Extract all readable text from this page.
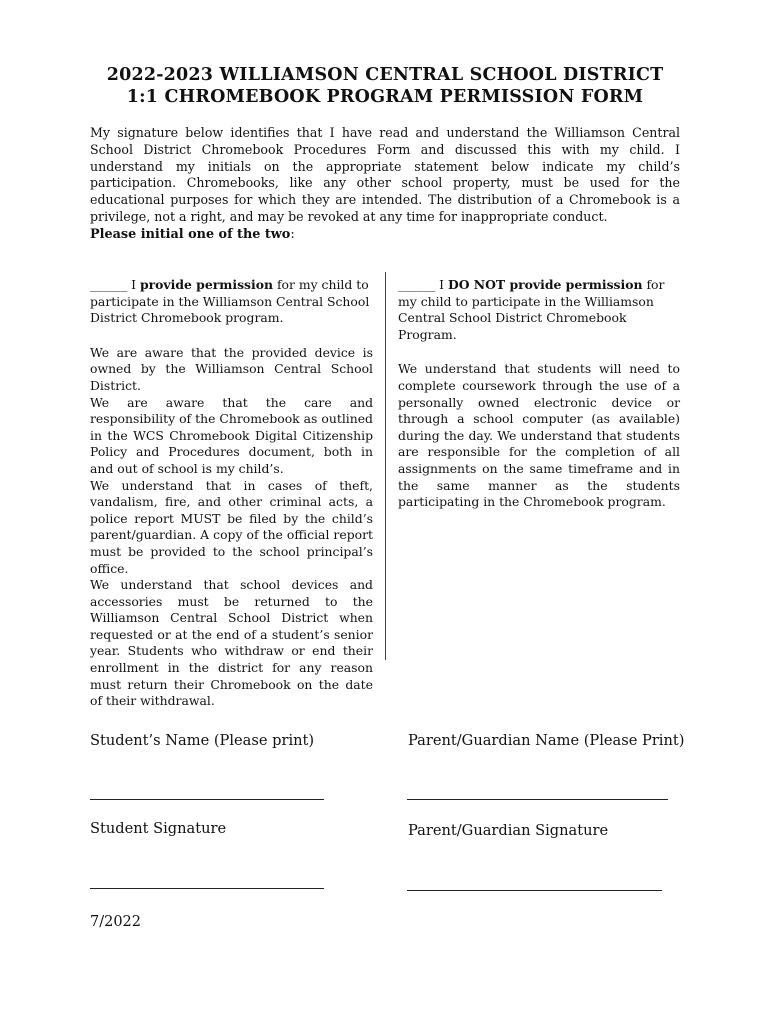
2022-2023 WILLIAMSON CENTRAL SCHOOL DISTRICT
1:1 CHROMEBOOK PROGRAM PERMISSION FORM
My signature below identifies that I have read and understand the Williamson Central School District Chromebook Procedures Form and discussed this with my child. I understand my initials on the appropriate statement below indicate my child’s participation. Chromebooks, like any other school property, must be used for the educational purposes for which they are intended. The distribution of a Chromebook is a privilege, not a right, and may be revoked at any time for inappropriate conduct.
Please initial one of the two:

______ I provide permission for my child to participate in the Williamson Central School District Chromebook program.

We are aware that the provided device is owned by the Williamson Central School District.

We are aware that the care and responsibility of the Chromebook as outlined in the WCS Chromebook Digital Citizenship Policy and Procedures document, both in and out of school is my child’s.

We understand that in cases of theft, vandalism, fire, and other criminal acts, a police report MUST be filed by the child’s parent/guardian. A copy of the official report must be provided to the school principal’s office.

We understand that school devices and accessories must be returned to the Williamson Central School District when requested or at the end of a student’s senior year. Students who withdraw or end their enrollment in the district for any reason must return their Chromebook on the date of their withdrawal.

______ I DO NOT provide permission for my child to participate in the Williamson Central School District Chromebook Program.

We understand that students will need to complete coursework through the use of a personally owned electronic device or through a school computer (as available) during the day. We understand that students are responsible for the completion of all assignments on the same timeframe and in the same manner as the students participating in the Chromebook program.

Student’s Name (Please print)	Parent/Guardian Name (Please Print)
Student Signature	Parent/Guardian Signature
7/2022
